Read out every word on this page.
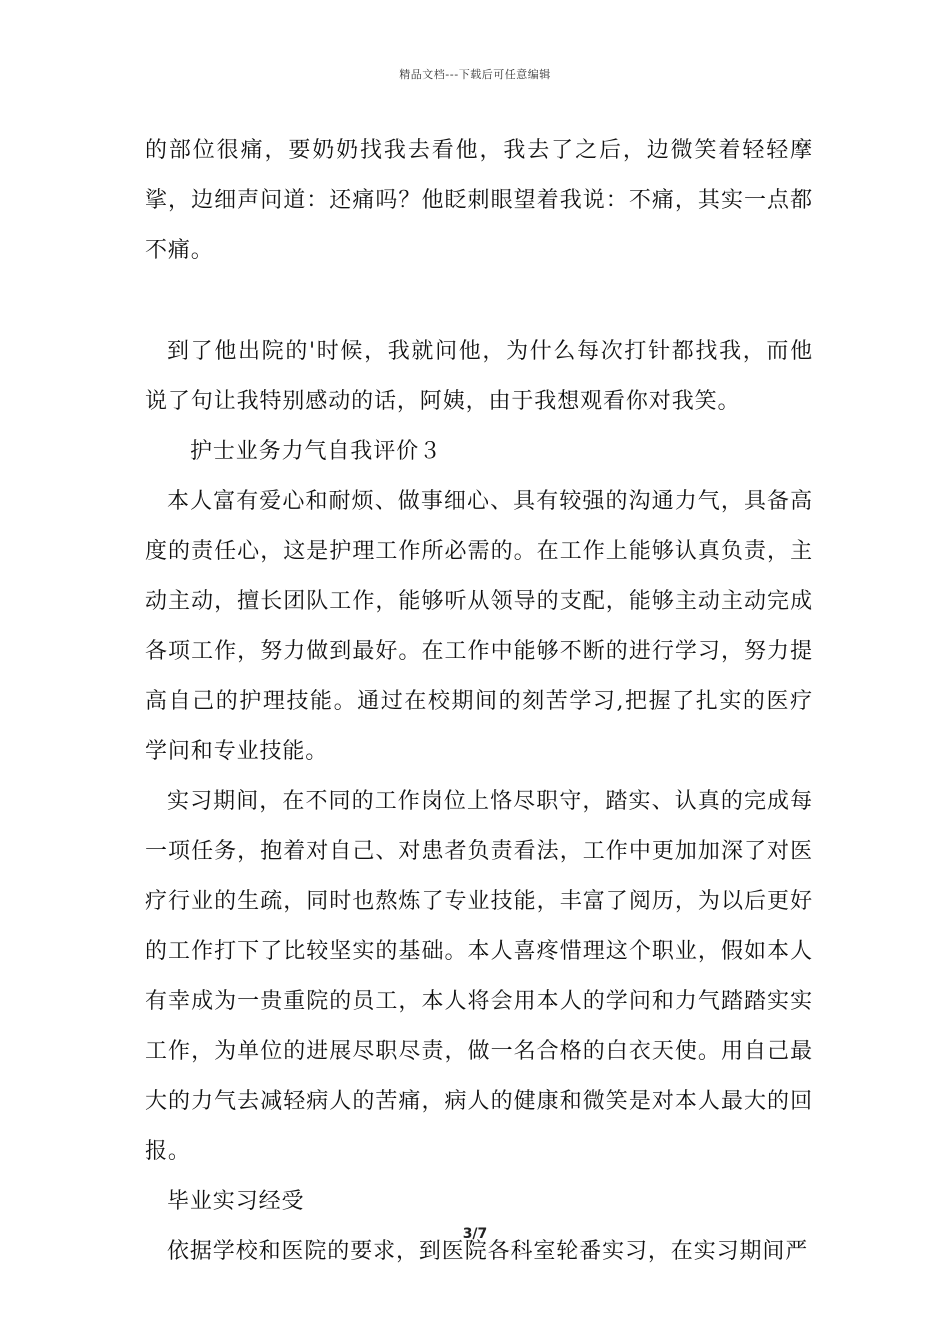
精品文档---下载后可任意编辑

的部位很痛，要奶奶找我去看他，我去了之后，边微笑着轻轻摩挲，边细声问道：还痛吗？他眨刺眼望着我说：不痛，其实一点都不痛。

到了他出院的'时候，我就问他，为什么每次打针都找我，而他说了句让我特别感动的话，阿姨，由于我想观看你对我笑。

护士业务力气自我评价３

本人富有爱心和耐烦、做事细心、具有较强的沟通力气，具备高度的责任心，这是护理工作所必需的。在工作上能够认真负责，主动主动，擅长团队工作，能够听从领导的支配，能够主动主动完成各项工作，努力做到最好。在工作中能够不断的进行学习，努力提高自己的护理技能。通过在校期间的刻苦学习,把握了扎实的医疗学问和专业技能。

实习期间，在不同的工作岗位上恪尽职守，踏实、认真的完成每一项任务，抱着对自己、对患者负责看法，工作中更加加深了对医疗行业的生疏，同时也熬炼了专业技能，丰富了阅历，为以后更好的工作打下了比较坚实的基础。本人喜疼惜理这个职业，假如本人有幸成为一贵重院的员工，本人将会用本人的学问和力气踏踏实实工作，为单位的进展尽职尽责，做一名合格的白衣天使。用自己最大的力气去减轻病人的苦痛，病人的健康和微笑是对本人最大的回报。

毕业实习经受

依据学校和医院的要求，到医院各科室轮番实习，在实习期间严

3/7
